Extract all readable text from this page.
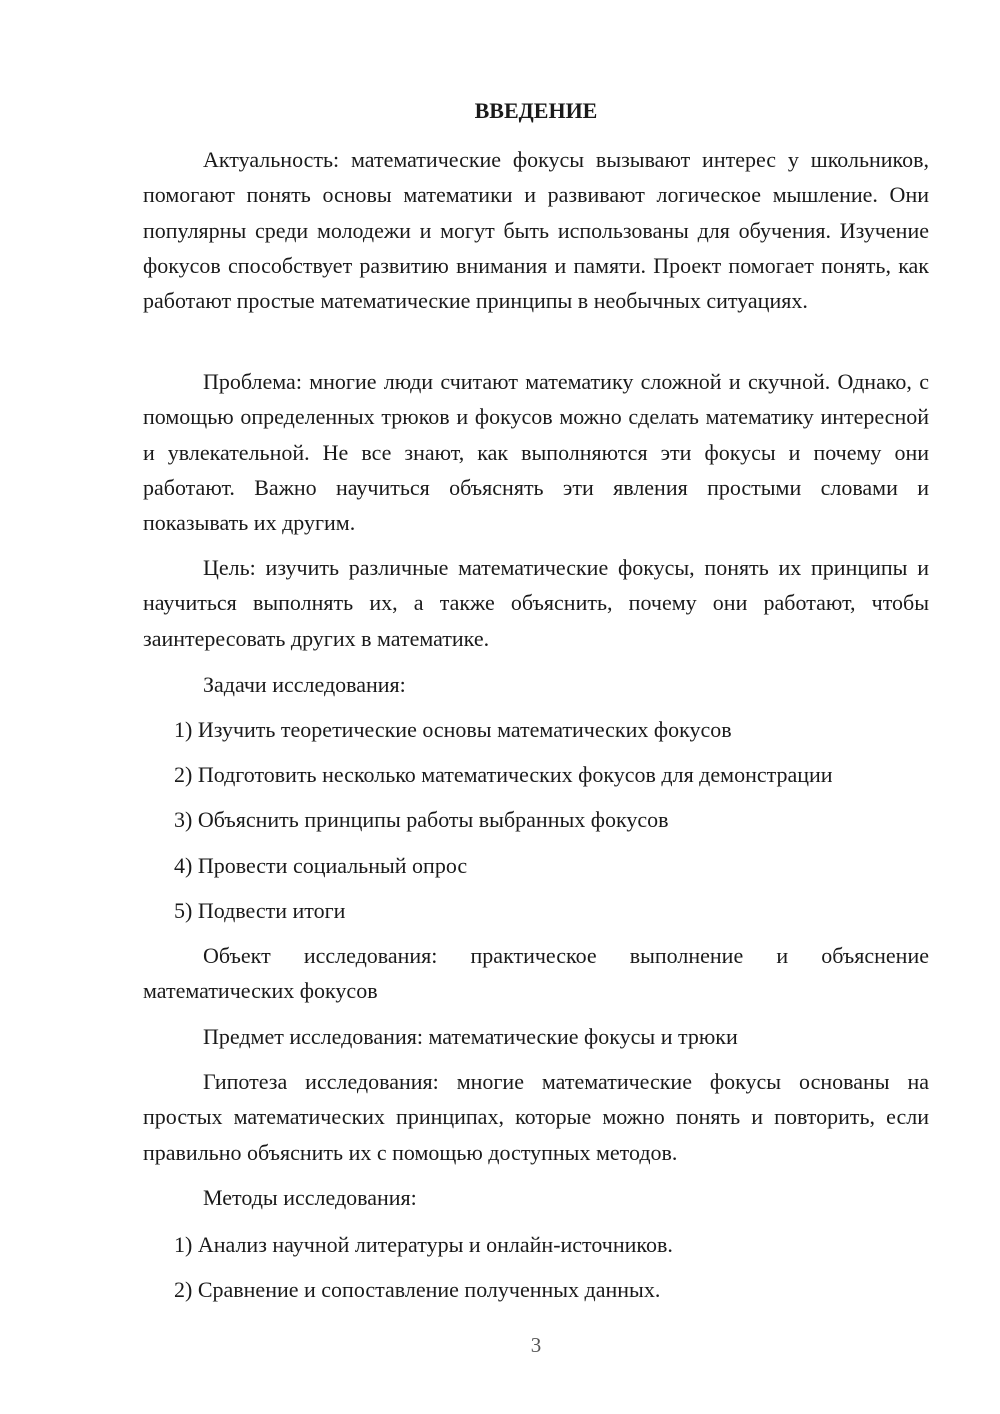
ВВЕДЕНИЕ

Актуальность: математические фокусы вызывают интерес у школьников, помогают понять основы математики и развивают логическое мышление. Они популярны среди молодежи и могут быть использованы для обучения. Изучение фокусов способствует развитию внимания и памяти. Проект помогает понять, как работают простые математические принципы в необычных ситуациях.

Проблема: многие люди считают математику сложной и скучной. Однако, с помощью определенных трюков и фокусов можно сделать математику интересной и увлекательной. Не все знают, как выполняются эти фокусы и почему они работают. Важно научиться объяснять эти явления простыми словами и показывать их другим.

Цель: изучить различные математические фокусы, понять их принципы и научиться выполнять их, а также объяснить, почему они работают, чтобы заинтересовать других в математике.

Задачи исследования:

1) Изучить теоретические основы математических фокусов

2) Подготовить несколько математических фокусов для демонстрации

3) Объяснить принципы работы выбранных фокусов

4) Провести социальный опрос

5) Подвести итоги

Объект исследования: практическое выполнение и объяснение математических фокусов

Предмет исследования: математические фокусы и трюки

Гипотеза исследования: многие математические фокусы основаны на простых математических принципах, которые можно понять и повторить, если правильно объяснить их с помощью доступных методов.

Методы исследования:

1) Анализ научной литературы и онлайн-источников.

2) Сравнение и сопоставление полученных данных.

3
